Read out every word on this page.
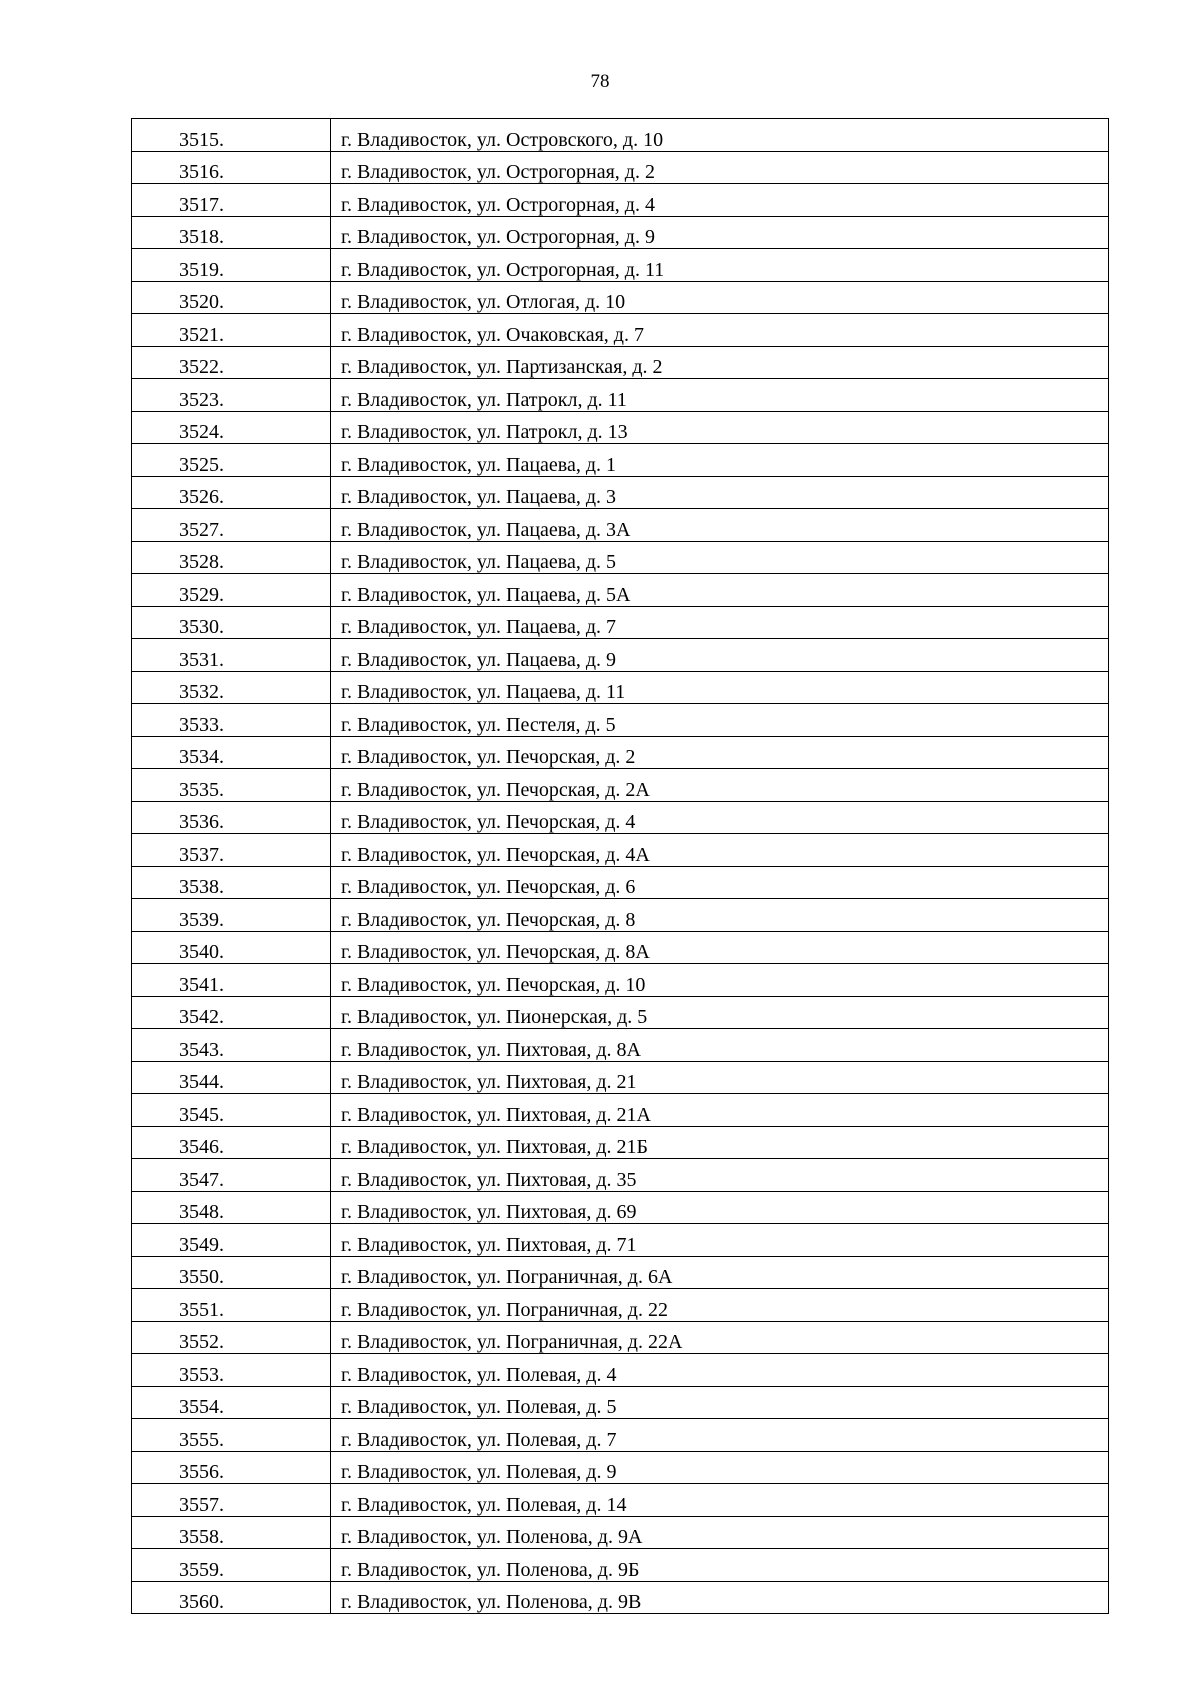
78
3515.	г. Владивосток, ул. Островского, д. 10
3516.	г. Владивосток, ул. Острогорная, д. 2
3517.	г. Владивосток, ул. Острогорная, д. 4
3518.	г. Владивосток, ул. Острогорная, д. 9
3519.	г. Владивосток, ул. Острогорная, д. 11
3520.	г. Владивосток, ул. Отлогая, д. 10
3521.	г. Владивосток, ул. Очаковская, д. 7
3522.	г. Владивосток, ул. Партизанская, д. 2
3523.	г. Владивосток, ул. Патрокл, д. 11
3524.	г. Владивосток, ул. Патрокл, д. 13
3525.	г. Владивосток, ул. Пацаева, д. 1
3526.	г. Владивосток, ул. Пацаева, д. 3
3527.	г. Владивосток, ул. Пацаева, д. 3А
3528.	г. Владивосток, ул. Пацаева, д. 5
3529.	г. Владивосток, ул. Пацаева, д. 5А
3530.	г. Владивосток, ул. Пацаева, д. 7
3531.	г. Владивосток, ул. Пацаева, д. 9
3532.	г. Владивосток, ул. Пацаева, д. 11
3533.	г. Владивосток, ул. Пестеля, д. 5
3534.	г. Владивосток, ул. Печорская, д. 2
3535.	г. Владивосток, ул. Печорская, д. 2А
3536.	г. Владивосток, ул. Печорская, д. 4
3537.	г. Владивосток, ул. Печорская, д. 4А
3538.	г. Владивосток, ул. Печорская, д. 6
3539.	г. Владивосток, ул. Печорская, д. 8
3540.	г. Владивосток, ул. Печорская, д. 8А
3541.	г. Владивосток, ул. Печорская, д. 10
3542.	г. Владивосток, ул. Пионерская, д. 5
3543.	г. Владивосток, ул. Пихтовая, д. 8А
3544.	г. Владивосток, ул. Пихтовая, д. 21
3545.	г. Владивосток, ул. Пихтовая, д. 21А
3546.	г. Владивосток, ул. Пихтовая, д. 21Б
3547.	г. Владивосток, ул. Пихтовая, д. 35
3548.	г. Владивосток, ул. Пихтовая, д. 69
3549.	г. Владивосток, ул. Пихтовая, д. 71
3550.	г. Владивосток, ул. Пограничная, д. 6А
3551.	г. Владивосток, ул. Пограничная, д. 22
3552.	г. Владивосток, ул. Пограничная, д. 22А
3553.	г. Владивосток, ул. Полевая, д. 4
3554.	г. Владивосток, ул. Полевая, д. 5
3555.	г. Владивосток, ул. Полевая, д. 7
3556.	г. Владивосток, ул. Полевая, д. 9
3557.	г. Владивосток, ул. Полевая, д. 14
3558.	г. Владивосток, ул. Поленова, д. 9А
3559.	г. Владивосток, ул. Поленова, д. 9Б
3560.	г. Владивосток, ул. Поленова, д. 9В
